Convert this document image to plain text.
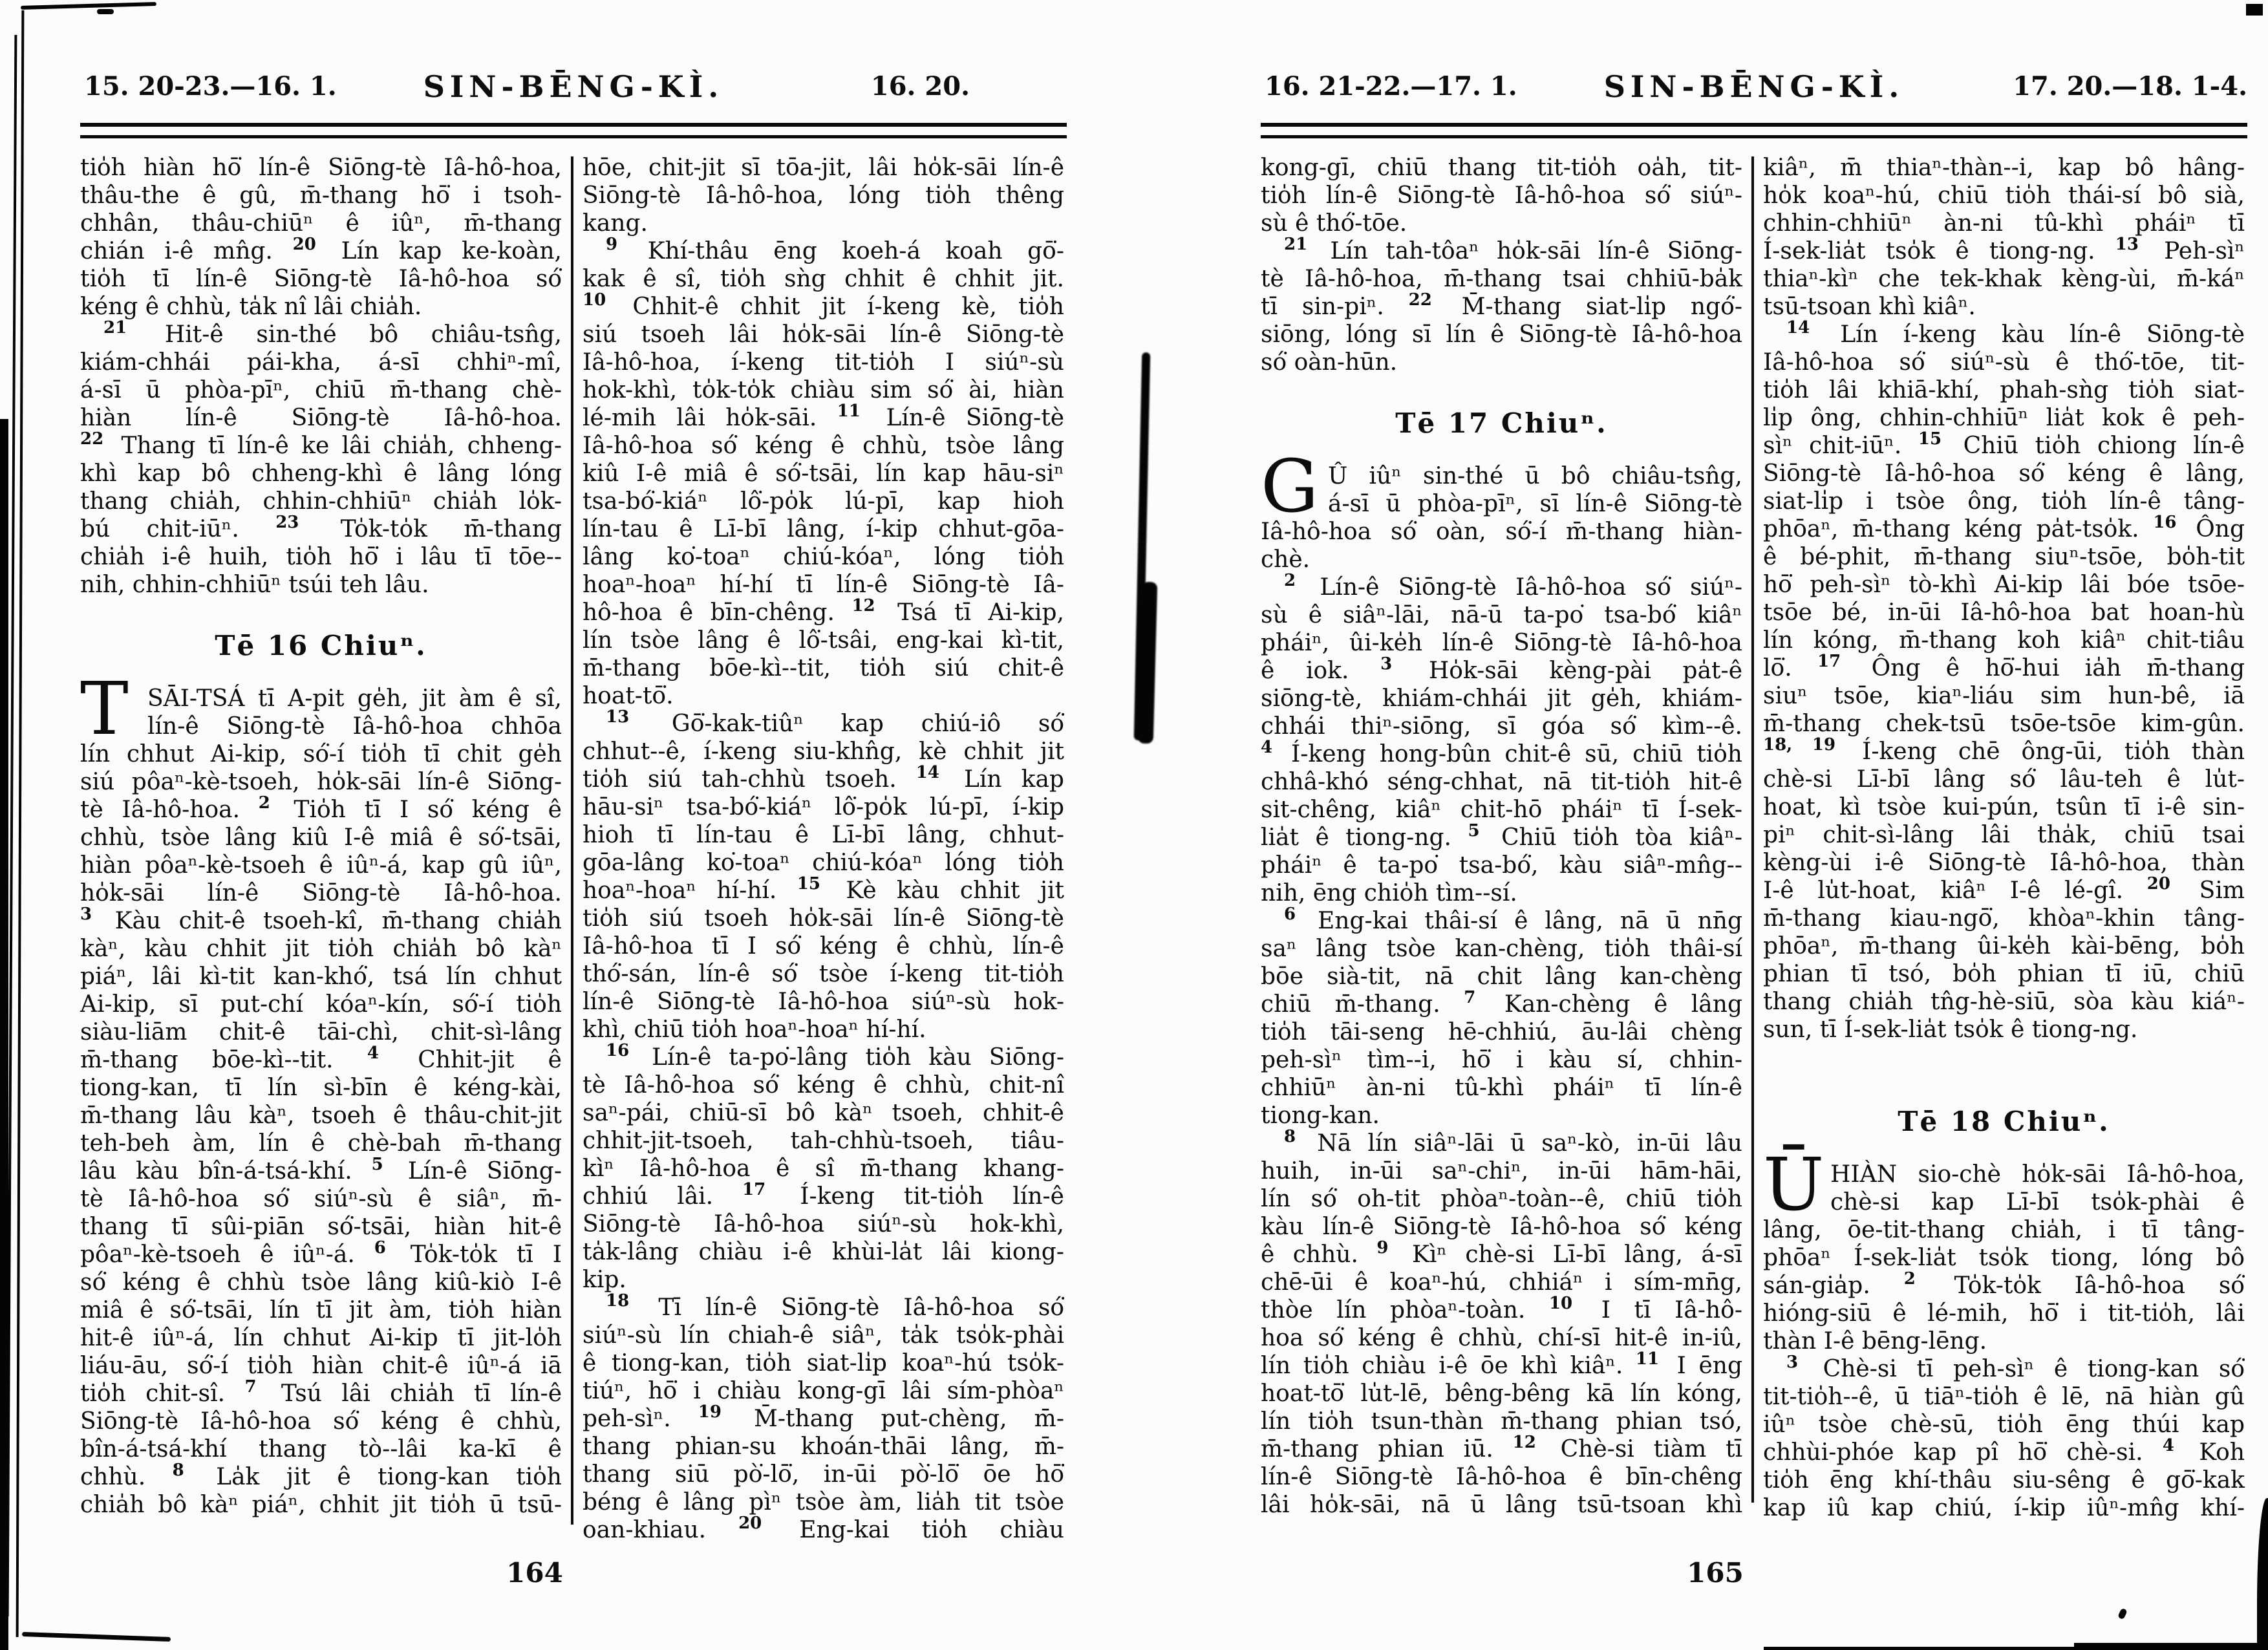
15. 20-23.—16. 1.	SIN-BĒNG-KÌ.	16. 20.
tio̍h hiàn hō͘ lín-ê Siōng-tè Iâ-hô-hoa,
thâu-the ê gû, m̄-thang hō͘ i tsoh-
chhân, thâu-chiūⁿ ê iûⁿ, m̄-thang
chián i-ê mn̂g. $^{20}$ Lín kap ke-koàn,
tio̍h tī lín-ê Siōng-tè Iâ-hô-hoa só͘
kéng ê chhù, ta̍k nî lâi chia̍h.
$^{21}$ Hit-ê sin-thé bô chiâu-tsn̂g,
kiám-chhái pái-kha, á-sī chhiⁿ-mî,
á-sī ū phòa-pīⁿ, chiū m̄-thang chè-
hiàn lín-ê Siōng-tè Iâ-hô-hoa.
$^{22}$ Thang tī lín-ê ke lâi chia̍h, chheng-
khì kap bô chheng-khì ê lâng lóng
thang chia̍h, chhin-chhiūⁿ chia̍h lo̍k-
bú chit-iūⁿ. $^{23}$ To̍k-to̍k m̄-thang
chia̍h i-ê huih, tio̍h hō͘ i lâu tī tōe--
nih, chhin-chhiūⁿ tsúi teh lâu.
Tē 16 Chiuⁿ.
T SĀI-TSÁ tī A-pit ge̍h, jit àm ê sî,
lín-ê Siōng-tè Iâ-hô-hoa chhōa
lín chhut Ai-kip, só͘-í tio̍h tī chit ge̍h
siú pôaⁿ-kè-tsoeh, ho̍k-sāi lín-ê Siōng-
tè Iâ-hô-hoa. $^2$ Tio̍h tī I só͘ kéng ê
chhù, tsòe lâng kiû I-ê miâ ê só͘-tsāi,
hiàn pôaⁿ-kè-tsoeh ê iûⁿ-á, kap gû iûⁿ,
ho̍k-sāi lín-ê Siōng-tè Iâ-hô-hoa.
$^3$ Kàu chit-ê tsoeh-kî, m̄-thang chia̍h
kàⁿ, kàu chhit jit tio̍h chia̍h bô kàⁿ
piáⁿ, lâi kì-tit kan-khó͘, tsá lín chhut
Ai-kip, sī put-chí kóaⁿ-kín, só͘-í tio̍h
siàu-liām chit-ê tāi-chì, chit-sì-lâng
m̄-thang bōe-kì--tit. $^4$ Chhit-jit ê
tiong-kan, tī lín sì-bīn ê kéng-kài,
m̄-thang lâu kàⁿ, tsoeh ê thâu-chit-jit
teh-beh àm, lín ê chè-bah m̄-thang
lâu kàu bîn-á-tsá-khí. $^5$ Lín-ê Siōng-
tè Iâ-hô-hoa só͘ siúⁿ-sù ê siâⁿ, m̄-
thang tī sûi-piān só͘-tsāi, hiàn hit-ê
pôaⁿ-kè-tsoeh ê iûⁿ-á. $^6$ To̍k-to̍k tī I
só͘ kéng ê chhù tsòe lâng kiû-kiò I-ê
miâ ê só͘-tsāi, lín tī jit àm, tio̍h hiàn
hit-ê iûⁿ-á, lín chhut Ai-kip tī jit-lo̍h
liáu-āu, só͘-í tio̍h hiàn chit-ê iûⁿ-á iā
tio̍h chit-sî. $^7$ Tsú lâi chia̍h tī lín-ê
Siōng-tè Iâ-hô-hoa só͘ kéng ê chhù,
bîn-á-tsá-khí thang tò--lâi ka-kī ê
chhù. $^8$ La̍k jit ê tiong-kan tio̍h
chia̍h bô kàⁿ piáⁿ, chhit jit tio̍h ū tsū-
hōe, chit-jit sī tōa-jit, lâi ho̍k-sāi lín-ê
Siōng-tè Iâ-hô-hoa, lóng tio̍h thêng
kang.
$^9$ Khí-thâu ēng koeh-á koah gō͘-
kak ê sî, tio̍h sǹg chhit ê chhit jit.
$^{10}$ Chhit-ê chhit jit í-keng kè, tio̍h
siú tsoeh lâi ho̍k-sāi lín-ê Siōng-tè
Iâ-hô-hoa, í-keng tit-tio̍h I siúⁿ-sù
hok-khì, to̍k-to̍k chiàu sim só͘ ài, hiàn
lé-mih lâi ho̍k-sāi. $^{11}$ Lín-ê Siōng-tè
Iâ-hô-hoa só͘ kéng ê chhù, tsòe lâng
kiû I-ê miâ ê só͘-tsāi, lín kap hāu-siⁿ
tsa-bó͘-kiáⁿ lô͘-po̍k lú-pī, kap hioh
lín-tau ê Lī-bī lâng, í-kip chhut-gōa-
lâng ko͘-toaⁿ chiú-kóaⁿ, lóng tio̍h
hoaⁿ-hoaⁿ hí-hí tī lín-ê Siōng-tè Iâ-
hô-hoa ê bīn-chêng. $^{12}$ Tsá tī Ai-kip,
lín tsòe lâng ê lô͘-tsâi, eng-kai kì-tit,
m̄-thang bōe-kì--tit, tio̍h siú chit-ê
hoat-tō͘.
$^{13}$ Gō͘-kak-tiûⁿ kap chiú-iô só͘
chhut--ê, í-keng siu-khn̂g, kè chhit jit
tio̍h siú tah-chhù tsoeh. $^{14}$ Lín kap
hāu-siⁿ tsa-bó͘-kiáⁿ lô͘-po̍k lú-pī, í-kip
hioh tī lín-tau ê Lī-bī lâng, chhut-
gōa-lâng ko͘-toaⁿ chiú-kóaⁿ lóng tio̍h
hoaⁿ-hoaⁿ hí-hí. $^{15}$ Kè kàu chhit jit
tio̍h siú tsoeh ho̍k-sāi lín-ê Siōng-tè
Iâ-hô-hoa tī I só͘ kéng ê chhù, lín-ê
thó͘-sán, lín-ê só͘ tsòe í-keng tit-tio̍h
lín-ê Siōng-tè Iâ-hô-hoa siúⁿ-sù hok-
khì, chiū tio̍h hoaⁿ-hoaⁿ hí-hí.
$^{16}$ Lín-ê ta-po͘-lâng tio̍h kàu Siōng-
tè Iâ-hô-hoa só͘ kéng ê chhù, chit-nî
saⁿ-pái, chiū-sī bô kàⁿ tsoeh, chhit-ê
chhit-jit-tsoeh, tah-chhù-tsoeh, tiâu-
kìⁿ Iâ-hô-hoa ê sî m̄-thang khang-
chhiú lâi. $^{17}$ Í-keng tit-tio̍h lín-ê
Siōng-tè Iâ-hô-hoa siúⁿ-sù hok-khì,
ta̍k-lâng chiàu i-ê khùi-la̍t lâi kiong-
kip.
$^{18}$ Tī lín-ê Siōng-tè Iâ-hô-hoa só͘
siúⁿ-sù lín chiah-ê siâⁿ, ta̍k tso̍k-phài
ê tiong-kan, tio̍h siat-li̍p koaⁿ-hú tso̍k-
tiúⁿ, hō͘ i chiàu kong-gī lâi sím-phòaⁿ
peh-sìⁿ. $^{19}$ M̄-thang put-chèng, m̄-
thang phian-su khoán-thāi lâng, m̄-
thang siū pò͘-lō͘, in-ūi pò͘-lō͘ ōe hō͘
béng ê lâng pìⁿ tsòe àm, lia̍h tit tsòe
oan-khiau. $^{20}$ Eng-kai tio̍h chiàu
164
16. 21-22.—17. 1.	SIN-BĒNG-KÌ.	17. 20.—18. 1-4.
kong-gī, chiū thang tit-tio̍h oa̍h, tit-
tio̍h lín-ê Siōng-tè Iâ-hô-hoa só͘ siúⁿ-
sù ê thó͘-tōe.
$^{21}$ Lín tah-tôaⁿ ho̍k-sāi lín-ê Siōng-
tè Iâ-hô-hoa, m̄-thang tsai chhiū-ba̍k
tī sin-piⁿ. $^{22}$ M̄-thang siat-li̍p ngó͘-
siōng, lóng sī lín ê Siōng-tè Iâ-hô-hoa
só͘ oàn-hūn.
Tē 17 Chiuⁿ.
G Û iûⁿ sin-thé ū bô chiâu-tsn̂g,
á-sī ū phòa-pīⁿ, sī lín-ê Siōng-tè
Iâ-hô-hoa só͘ oàn, só͘-í m̄-thang hiàn-
chè.
$^2$ Lín-ê Siōng-tè Iâ-hô-hoa só͘ siúⁿ-
sù ê siâⁿ-lāi, nā-ū ta-po͘ tsa-bó͘ kiâⁿ
pháiⁿ, ûi-ke̍h lín-ê Siōng-tè Iâ-hô-hoa
ê iok. $^3$ Ho̍k-sāi kèng-pài pa̍t-ê
siōng-tè, khiám-chhái jit ge̍h, khiám-
chhái thiⁿ-siōng, sī góa só͘ kìm--ê.
$^4$ Í-keng hong-bûn chit-ê sū, chiū tio̍h
chhâ-khó séng-chhat, nā tit-tio̍h hit-ê
sit-chêng, kiâⁿ chit-hō pháiⁿ tī Í-sek-
lia̍t ê tiong-ng. $^5$ Chiū tio̍h tòa kiâⁿ-
pháiⁿ ê ta-po͘ tsa-bó͘, kàu siâⁿ-mn̂g--
nih, ēng chio̍h tìm--sí.
$^6$ Eng-kai thâi-sí ê lâng, nā ū nn̄g
saⁿ lâng tsòe kan-chèng, tio̍h thâi-sí
bōe sià-tit, nā chit lâng kan-chèng
chiū m̄-thang. $^7$ Kan-chèng ê lâng
tio̍h tāi-seng hē-chhiú, āu-lâi chèng
peh-sìⁿ tìm--i, hō͘ i kàu sí, chhin-
chhiūⁿ àn-ni tû-khì pháiⁿ tī lín-ê
tiong-kan.
$^8$ Nā lín siâⁿ-lāi ū saⁿ-kò, in-ūi lâu
huih, in-ūi saⁿ-chiⁿ, in-ūi hām-hāi,
lín só͘ oh-tit phòaⁿ-toàn--ê, chiū tio̍h
kàu lín-ê Siōng-tè Iâ-hô-hoa só͘ kéng
ê chhù. $^9$ Kìⁿ chè-si Lī-bī lâng, á-sī
chē-ūi ê koaⁿ-hú, chhiáⁿ i sím-mn̄g,
thòe lín phòaⁿ-toàn. $^{10}$ I tī Iâ-hô-
hoa só͘ kéng ê chhù, chí-sī hit-ê in-iû,
lín tio̍h chiàu i-ê ōe khì kiâⁿ. $^{11}$ I ēng
hoat-tō͘ lu̍t-lē, bêng-bêng kā lín kóng,
lín tio̍h tsun-thàn m̄-thang phian tsó,
m̄-thang phian iū. $^{12}$ Chè-si tiàm tī
lín-ê Siōng-tè Iâ-hô-hoa ê bīn-chêng
lâi ho̍k-sāi, nā ū lâng tsū-tsoan khì
kiâⁿ, m̄ thiaⁿ-thàn--i, kap bô hâng-
ho̍k koaⁿ-hú, chiū tio̍h thái-sí bô sià,
chhin-chhiūⁿ àn-ni tû-khì pháiⁿ tī
Í-sek-lia̍t tso̍k ê tiong-ng. $^{13}$ Peh-sìⁿ
thiaⁿ-kìⁿ che tek-khak kèng-ùi, m̄-káⁿ
tsū-tsoan khì kiâⁿ.
$^{14}$ Lín í-keng kàu lín-ê Siōng-tè
Iâ-hô-hoa só͘ siúⁿ-sù ê thó͘-tōe, tit-
tio̍h lâi khiā-khí, phah-sǹg tio̍h siat-
li̍p ông, chhin-chhiūⁿ lia̍t kok ê peh-
sìⁿ chit-iūⁿ. $^{15}$ Chiū tio̍h chiong lín-ê
Siōng-tè Iâ-hô-hoa só͘ kéng ê lâng,
siat-li̍p i tsòe ông, tio̍h lín-ê tâng-
phōaⁿ, m̄-thang kéng pa̍t-tso̍k. $^{16}$ Ông
ê bé-phit, m̄-thang siuⁿ-tsōe, bo̍h-tit
hō͘ peh-sìⁿ tò-khì Ai-kip lâi bóe tsōe-
tsōe bé, in-ūi Iâ-hô-hoa bat hoan-hù
lín kóng, m̄-thang koh kiâⁿ chit-tiâu
lō͘. $^{17}$ Ông ê hō͘-hui ia̍h m̄-thang
siuⁿ tsōe, kiaⁿ-liáu sim hun-bê, iā
m̄-thang chek-tsū tsōe-tsōe kim-gûn.
$^{18, 19}$ Í-keng chē ông-ūi, tio̍h thàn
chè-si Lī-bī lâng só͘ lâu-teh ê lu̍t-
hoat, kì tsòe kui-pún, tsûn tī i-ê sin-
piⁿ chit-sì-lâng lâi tha̍k, chiū tsai
kèng-ùi i-ê Siōng-tè Iâ-hô-hoa, thàn
I-ê lu̍t-hoat, kiâⁿ I-ê lé-gî. $^{20}$ Sim
m̄-thang kiau-ngō͘, khòaⁿ-khin tâng-
phōaⁿ, m̄-thang ûi-ke̍h kài-bēng, bo̍h
phian tī tsó, bo̍h phian tī iū, chiū
thang chia̍h tn̂g-hè-siū, sòa kàu kiáⁿ-
sun, tī Í-sek-lia̍t tso̍k ê tiong-ng.
Tē 18 Chiuⁿ.
Ū HIÀN sio-chè ho̍k-sāi Iâ-hô-hoa,
chè-si kap Lī-bī tso̍k-phài ê
lâng, ōe-tit-thang chia̍h, i tī tâng-
phōaⁿ Í-sek-lia̍t tso̍k tiong, lóng bô
sán-gia̍p. $^2$ To̍k-to̍k Iâ-hô-hoa só͘
hióng-siū ê lé-mih, hō͘ i tit-tio̍h, lâi
thàn I-ê bēng-lēng.
$^3$ Chè-si tī peh-sìⁿ ê tiong-kan só͘
tit-tio̍h--ê, ū tiāⁿ-tio̍h ê lē, nā hiàn gû
iûⁿ tsòe chè-sū, tio̍h ēng thúi kap
chhùi-phóe kap pî hō͘ chè-si. $^4$ Koh
tio̍h ēng khí-thâu siu-sêng ê gō͘-kak
kap iû kap chiú, í-kip iûⁿ-mn̂g khí-
165
